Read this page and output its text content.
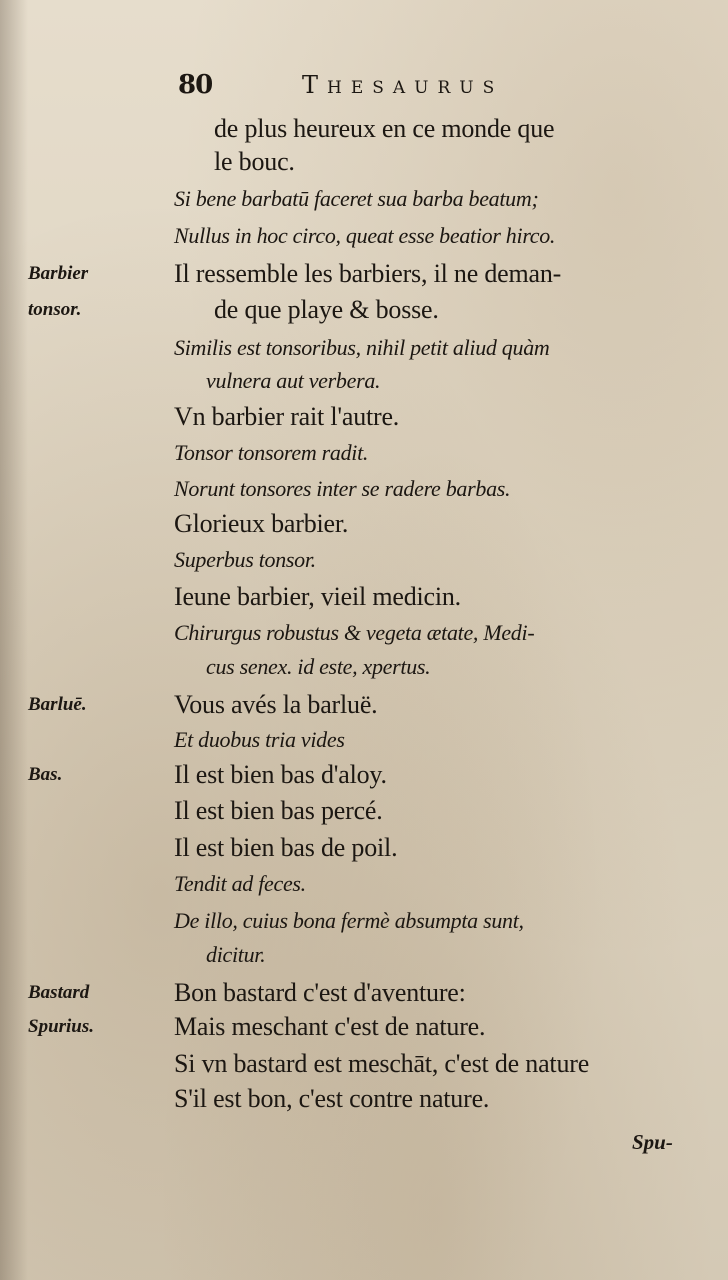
80	Thesaurus
de plus heureux en ce monde que
le bouc.
Si bene barbatū faceret sua barba beatum;
Nullus in hoc circo, queat esse beatior hirco.
Barbier	Il ressemble les barbiers, il ne deman-
tonsor.	de que playe & bosse.
Similis est tonsoribus, nihil petit aliud quàm
vulnera aut verbera.
Vn barbier rait l'autre.
Tonsor tonsorem radit.
Norunt tonsores inter se radere barbas.
Glorieux barbier.
Superbus tonsor.
Ieune barbier, vieil medicin.
Chirurgus robustus & vegeta ætate, Medi-
cus senex. id este, xpertus.
Barluē.	Vous avés la barluë.
Et duobus tria vides
Bas.	Il est bien bas d'aloy.
Il est bien bas percé.
Il est bien bas de poil.
Tendit ad feces.
De illo, cuius bona fermè absumpta sunt,
dicitur.
Bastard	Bon bastard c'est d'aventure:
Spurius.	Mais meschant c'est de nature.
Si vn bastard est meschāt, c'est de nature
S'il est bon, c'est contre nature.
Spu-
